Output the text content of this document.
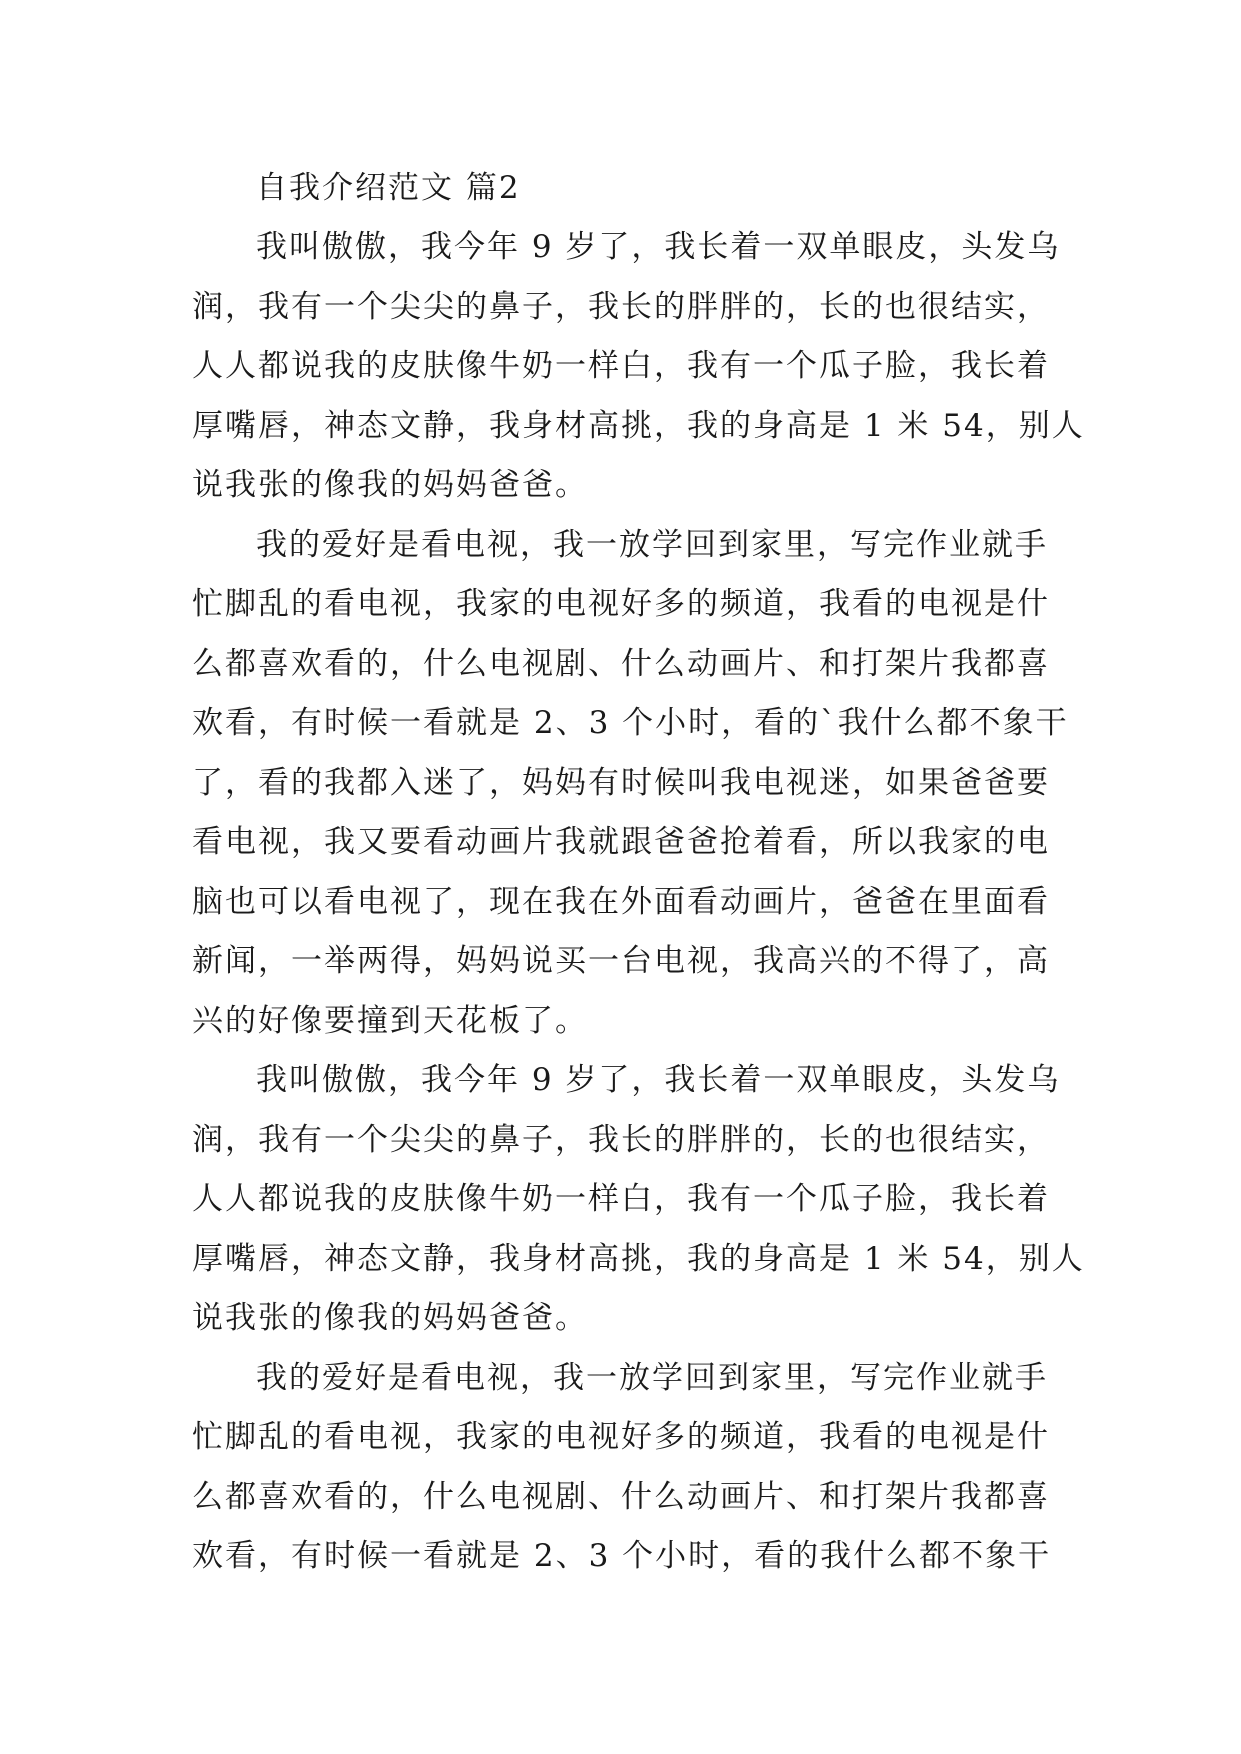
自我介绍范文 篇2
我叫傲傲，我今年 9 岁了，我长着一双单眼皮，头发乌
润，我有一个尖尖的鼻子，我长的胖胖的，长的也很结实，
人人都说我的皮肤像牛奶一样白，我有一个瓜子脸，我长着
厚嘴唇，神态文静，我身材高挑，我的身高是 1 米 54，别人
说我张的像我的妈妈爸爸。
我的爱好是看电视，我一放学回到家里，写完作业就手
忙脚乱的看电视，我家的电视好多的频道，我看的电视是什
么都喜欢看的，什么电视剧、什么动画片、和打架片我都喜
欢看，有时候一看就是 2、3 个小时，看的`我什么都不象干
了，看的我都入迷了，妈妈有时候叫我电视迷，如果爸爸要
看电视，我又要看动画片我就跟爸爸抢着看，所以我家的电
脑也可以看电视了，现在我在外面看动画片，爸爸在里面看
新闻，一举两得，妈妈说买一台电视，我高兴的不得了，高
兴的好像要撞到天花板了。
我叫傲傲，我今年 9 岁了，我长着一双单眼皮，头发乌
润，我有一个尖尖的鼻子，我长的胖胖的，长的也很结实，
人人都说我的皮肤像牛奶一样白，我有一个瓜子脸，我长着
厚嘴唇，神态文静，我身材高挑，我的身高是 1 米 54，别人
说我张的像我的妈妈爸爸。
我的爱好是看电视，我一放学回到家里，写完作业就手
忙脚乱的看电视，我家的电视好多的频道，我看的电视是什
么都喜欢看的，什么电视剧、什么动画片、和打架片我都喜
欢看，有时候一看就是 2、3 个小时，看的我什么都不象干
